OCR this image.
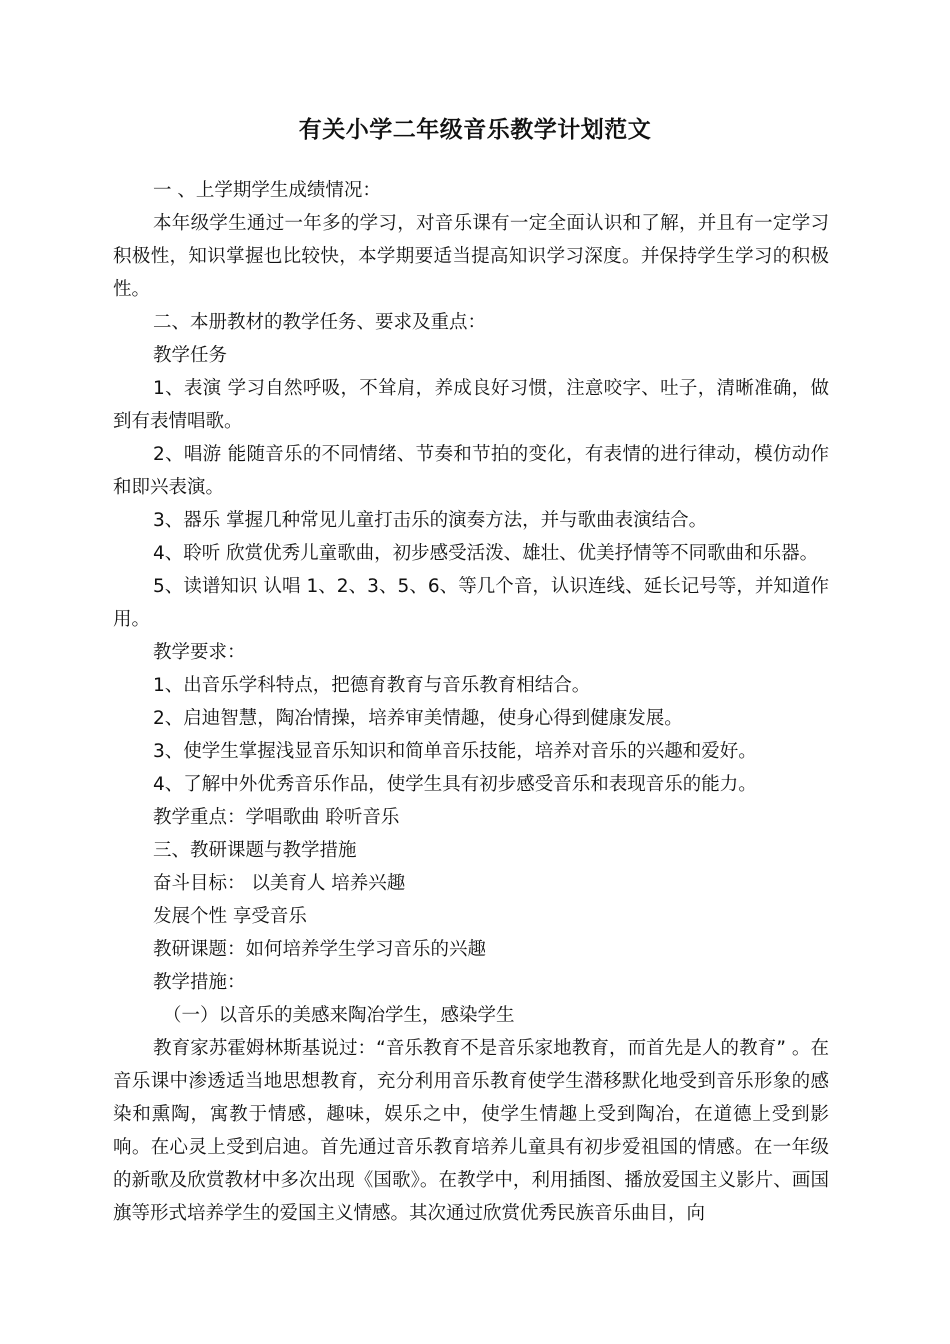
有关小学二年级音乐教学计划范文

一 、上学期学生成绩情况：

本年级学生通过一年多的学习，对音乐课有一定全面认识和了解，并且有一定学习积极性，知识掌握也比较快，本学期要适当提高知识学习深度。并保持学生学习的积极性。

二、本册教材的教学任务、要求及重点：

教学任务

1、表演 学习自然呼吸，不耸肩，养成良好习惯，注意咬字、吐子，清晰准确，做到有表情唱歌。

2、唱游 能随音乐的不同情绪、节奏和节拍的变化，有表情的进行律动，模仿动作和即兴表演。

3、器乐 掌握几种常见儿童打击乐的演奏方法，并与歌曲表演结合。

4、聆听 欣赏优秀儿童歌曲，初步感受活泼、雄壮、优美抒情等不同歌曲和乐器。

5、读谱知识 认唱 1、2、3、5、6、等几个音，认识连线、延长记号等，并知道作用。

教学要求：

1、出音乐学科特点，把德育教育与音乐教育相结合。

2、启迪智慧，陶冶情操，培养审美情趣，使身心得到健康发展。

3、使学生掌握浅显音乐知识和简单音乐技能，培养对音乐的兴趣和爱好。

4、了解中外优秀音乐作品，使学生具有初步感受音乐和表现音乐的能力。

教学重点：学唱歌曲 聆听音乐

三、教研课题与教学措施

奋斗目标： 以美育人 培养兴趣

发展个性 享受音乐

教研课题：如何培养学生学习音乐的兴趣

教学措施：

（一）以音乐的美感来陶冶学生，感染学生

教育家苏霍姆林斯基说过：“音乐教育不是音乐家地教育，而首先是人的教育” 。在音乐课中渗透适当地思想教育，充分利用音乐教育使学生潜移默化地受到音乐形象的感染和熏陶，寓教于情感，趣味，娱乐之中，使学生情趣上受到陶冶，在道德上受到影响。在心灵上受到启迪。首先通过音乐教育培养儿童具有初步爱祖国的情感。在一年级的新歌及欣赏教材中多次出现《国歌》。在教学中，利用插图、播放爱国主义影片、画国旗等形式培养学生的爱国主义情感。其次通过欣赏优秀民族音乐曲目，向
